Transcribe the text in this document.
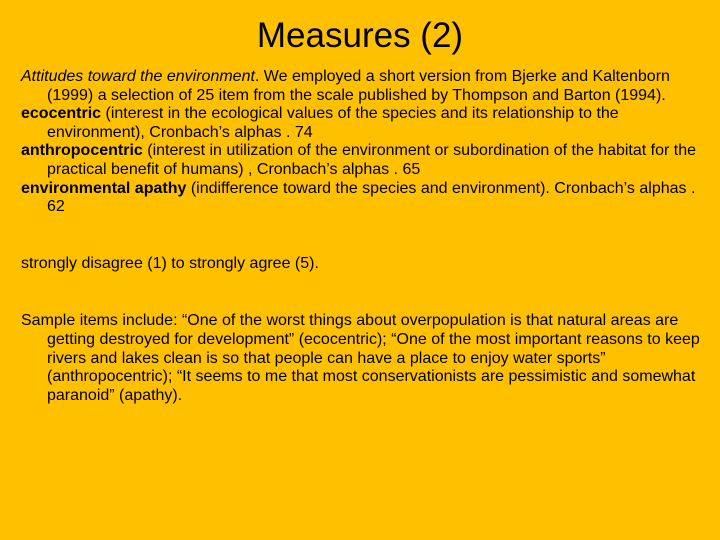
Measures (2)

Attitudes toward the environment. We employed a short version from Bjerke and Kaltenborn (1999) a selection of 25 item from the scale published by Thompson and Barton (1994).

ecocentric (interest in the ecological values of the species and its relationship to the environment), Cronbach’s alphas . 74

anthropocentric (interest in utilization of the environment or subordination of the habitat for the practical benefit of humans) , Cronbach’s alphas . 65

environmental apathy (indifference toward the species and environment). Cronbach’s alphas . 62

strongly disagree (1) to strongly agree (5).

Sample items include: “One of the worst things about overpopulation is that natural areas are getting destroyed for development” (ecocentric); “One of the most important reasons to keep rivers and lakes clean is so that people can have a place to enjoy water sports” (anthropocentric); “It seems to me that most conservationists are pessimistic and somewhat paranoid” (apathy).
